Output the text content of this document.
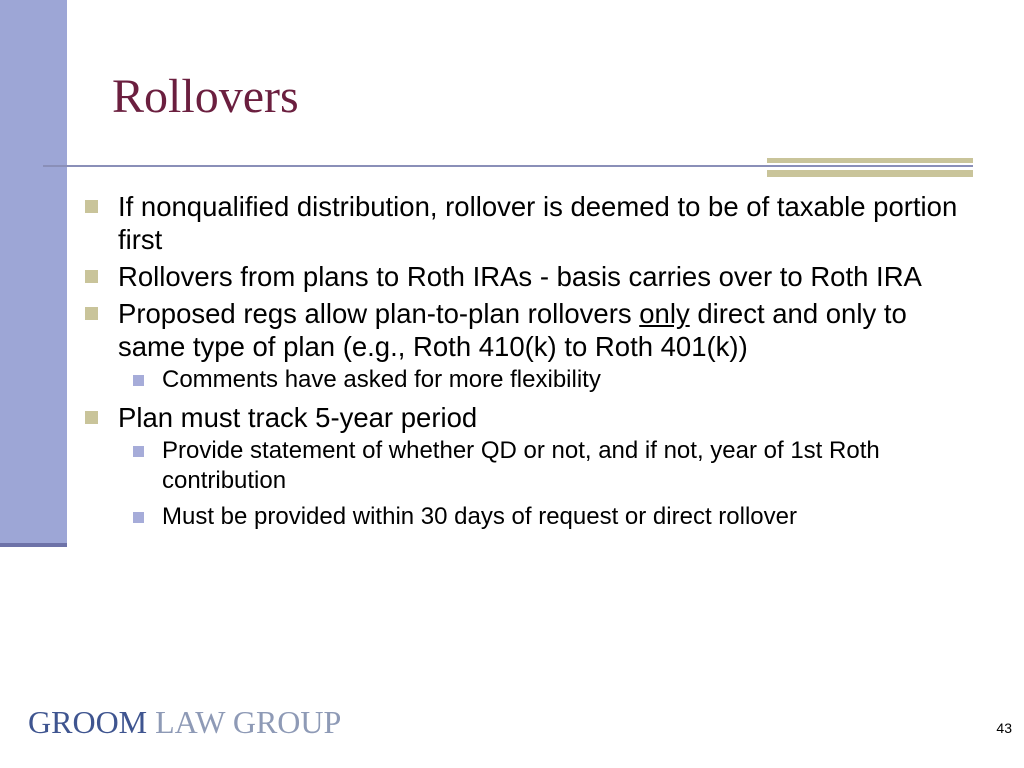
Rollovers
If nonqualified distribution, rollover is deemed to be of taxable portion first
Rollovers from plans to Roth IRAs - basis carries over to Roth IRA
Proposed regs allow plan-to-plan rollovers only direct and only to same type of plan (e.g., Roth 410(k) to Roth 401(k))
Comments have asked for more flexibility
Plan must track 5-year period
Provide statement of whether QD or not, and if not, year of 1st Roth contribution
Must be provided within 30 days of request or direct rollover
GROOM LAW GROUP	43
